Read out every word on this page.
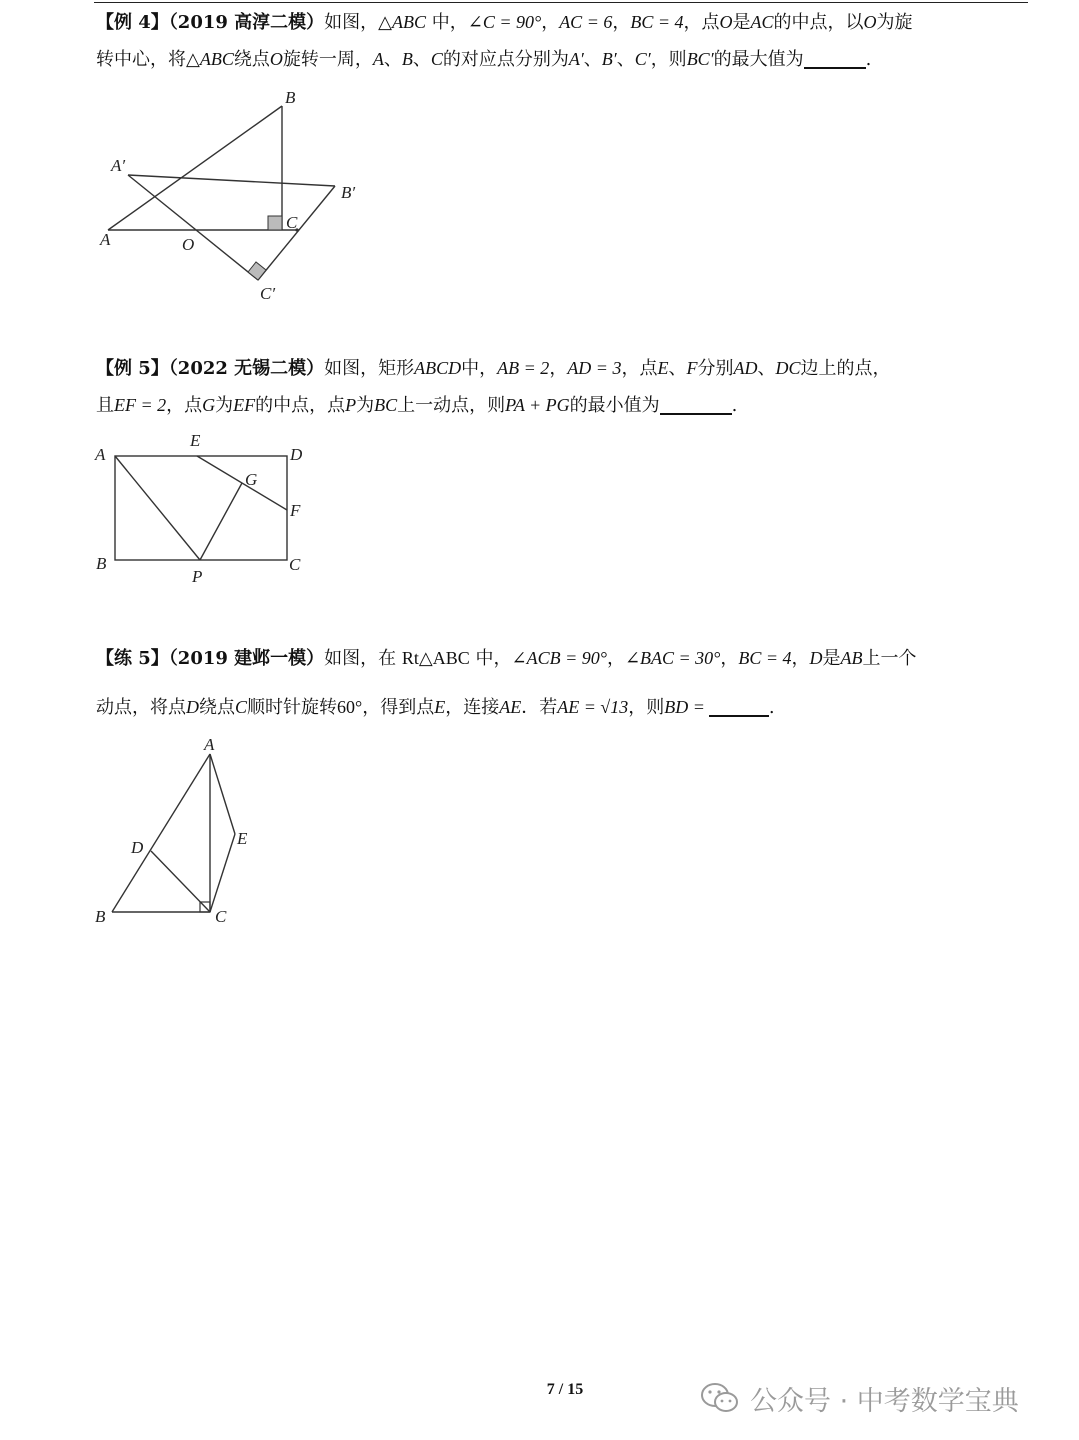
【例 4】（2019 高淳二模）如图，△ABC 中，∠C = 90°，AC = 6，BC = 4，点O是AC的中点，以O为旋

转中心，将△ABC绕点O旋转一周，A、B、C的对应点分别为A′、B′、C′，则BC′的最大值为	.

B
A′
B′
C
A	O
C′

【例 5】（2022 无锡二模）如图，矩形ABCD中，AB = 2，AD = 3，点E、F分别AD、DC边上的点，

且EF = 2，点G为EF的中点，点P为BC上一动点，则PA + PG的最小值为	.

A
E
D
G
F
B
P
C

【练 5】（2019 建邺一模）如图，在 Rt△ABC 中，∠ACB = 90°，∠BAC = 30°，BC = 4，D是AB上一个

动点，将点D绕点C顺时针旋转60°，得到点E，连接AE．若AE = √13，则BD =	.

A
D	E
B	C
7 / 15	公众号 · 中考数学宝典
